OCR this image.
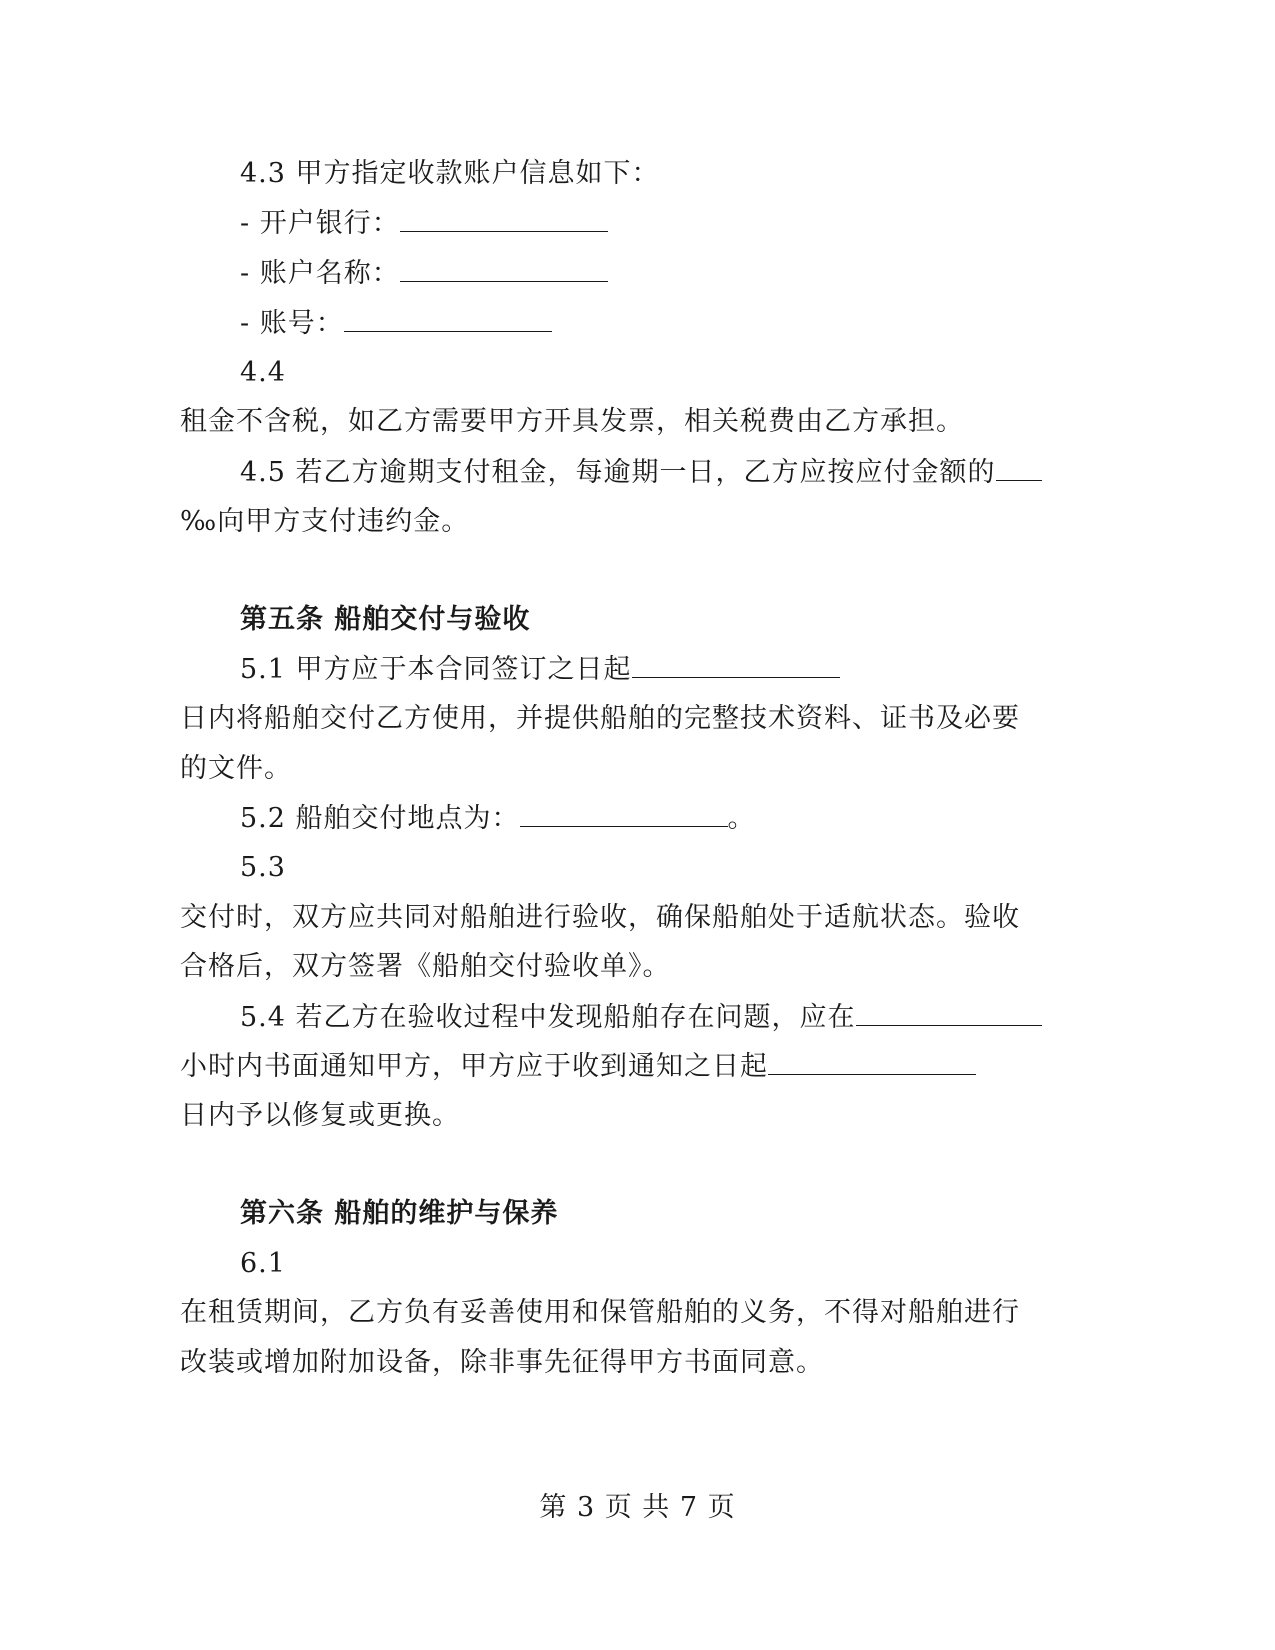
4.3 甲方指定收款账户信息如下：
- 开户银行：
- 账户名称：
- 账号：
4.4
租金不含税，如乙方需要甲方开具发票，相关税费由乙方承担。
4.5 若乙方逾期支付租金，每逾期一日，乙方应按应付金额的
‰向甲方支付违约金。
第五条 船舶交付与验收
5.1 甲方应于本合同签订之日起
日内将船舶交付乙方使用，并提供船舶的完整技术资料、证书及必要
的文件。
5.2 船舶交付地点为：	。
5.3
交付时，双方应共同对船舶进行验收，确保船舶处于适航状态。验收
合格后，双方签署《船舶交付验收单》。
5.4 若乙方在验收过程中发现船舶存在问题，应在
小时内书面通知甲方，甲方应于收到通知之日起
日内予以修复或更换。
第六条 船舶的维护与保养
6.1
在租赁期间，乙方负有妥善使用和保管船舶的义务，不得对船舶进行
改装或增加附加设备，除非事先征得甲方书面同意。
第 3 页 共 7 页
